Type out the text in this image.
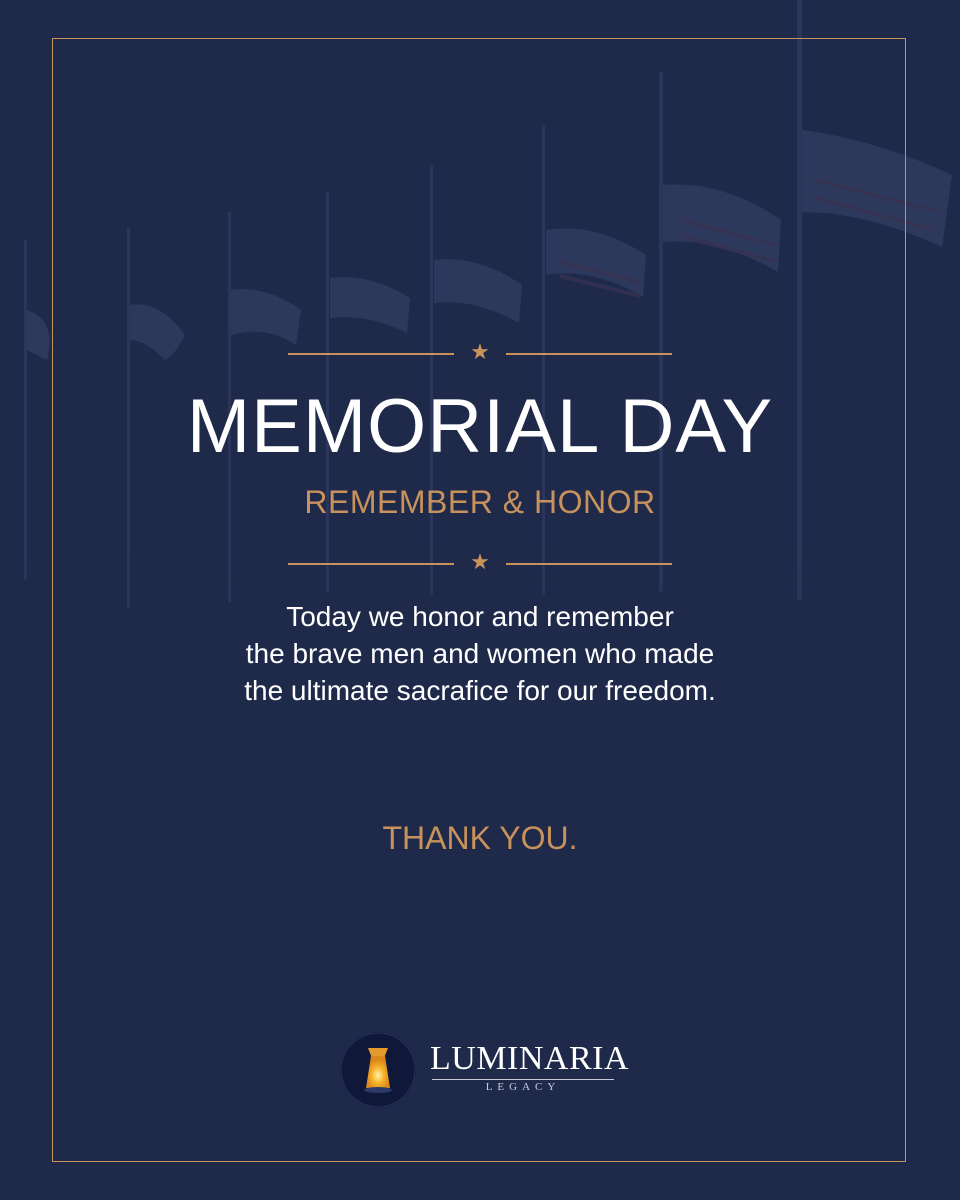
★
MEMORIAL DAY
REMEMBER & HONOR
★
Today we honor and remember
the brave men and women who made
the ultimate sacrafice for our freedom.
THANK YOU.
LUMINARIA
LEGACY
